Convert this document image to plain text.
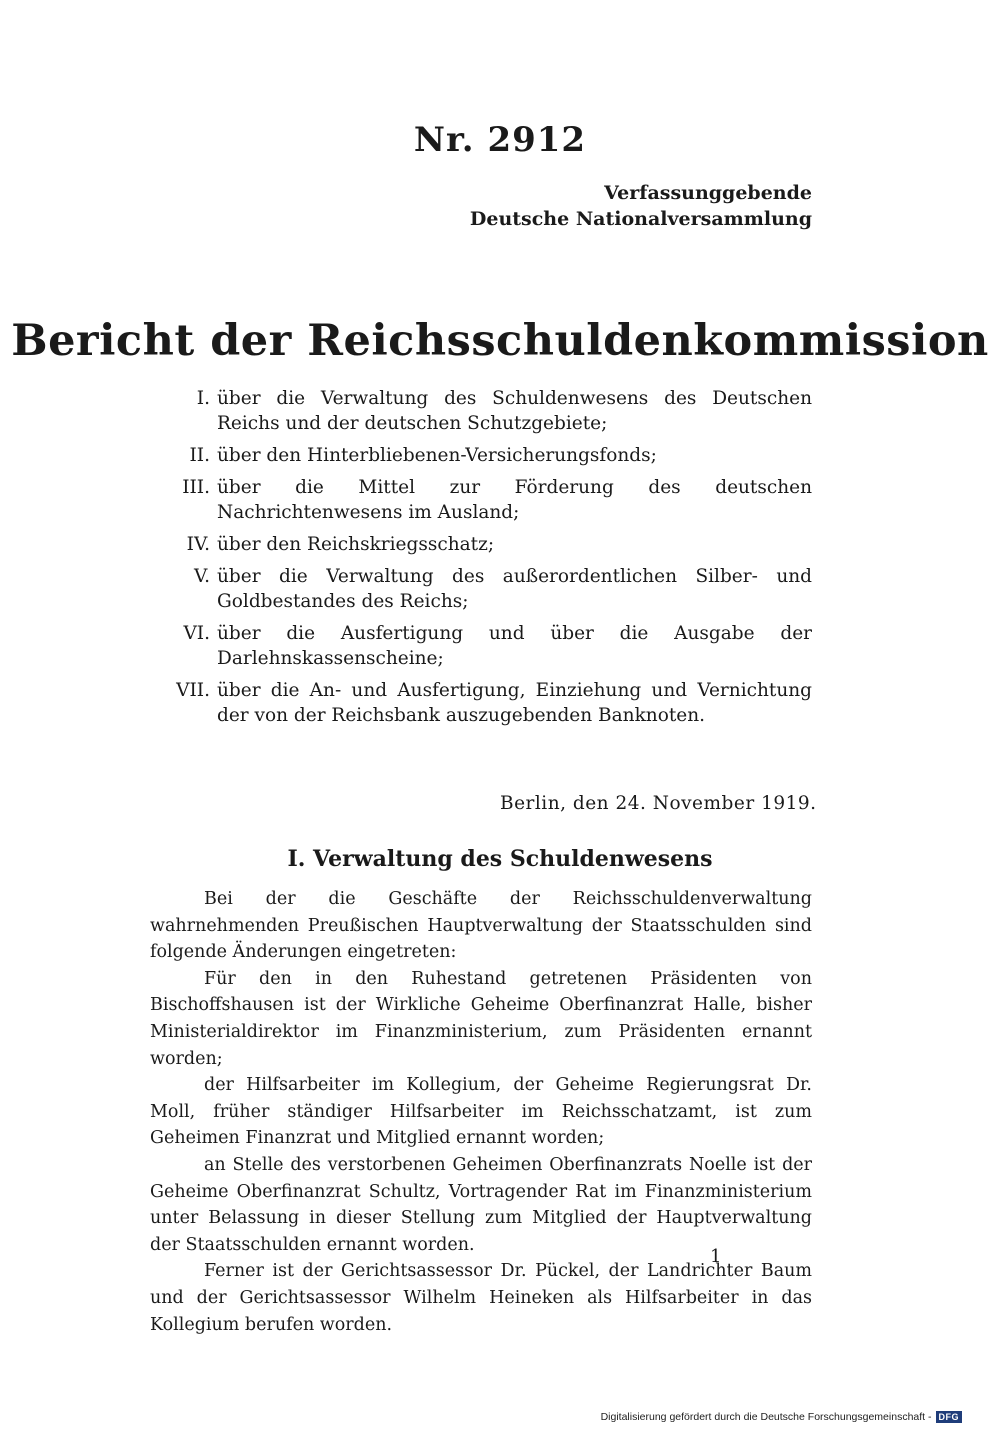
Nr. 2912
Verfassunggebende
Deutsche Nationalversammlung
Bericht der Reichsschuldenkommission
I. über die Verwaltung des Schuldenwesens des Deutschen Reichs und der deutschen Schutzgebiete;
II. über den Hinterbliebenen-Versicherungsfonds;
III. über die Mittel zur Förderung des deutschen Nachrichtenwesens im Ausland;
IV. über den Reichskriegsschatz;
V. über die Verwaltung des außerordentlichen Silber- und Goldbestandes des Reichs;
VI. über die Ausfertigung und über die Ausgabe der Darlehnskassenscheine;
VII. über die An- und Ausfertigung, Einziehung und Vernichtung der von der Reichsbank auszugebenden Banknoten.
Berlin, den 24. November 1919.
I. Verwaltung des Schuldenwesens

Bei der die Geschäfte der Reichsschuldenverwaltung wahrnehmenden Preußischen Hauptverwaltung der Staatsschulden sind folgende Änderungen eingetreten:

Für den in den Ruhestand getretenen Präsidenten von Bischoffshausen ist der Wirkliche Geheime Oberfinanzrat Halle, bisher Ministerialdirektor im Finanzministerium, zum Präsidenten ernannt worden;

der Hilfsarbeiter im Kollegium, der Geheime Regierungsrat Dr. Moll, früher ständiger Hilfsarbeiter im Reichsschatzamt, ist zum Geheimen Finanzrat und Mitglied ernannt worden;

an Stelle des verstorbenen Geheimen Oberfinanzrats Noelle ist der Geheime Oberfinanzrat Schultz, Vortragender Rat im Finanzministerium unter Belassung in dieser Stellung zum Mitglied der Hauptverwaltung der Staatsschulden ernannt worden.

Ferner ist der Gerichtsassessor Dr. Pückel, der Landrichter Baum und der Gerichtsassessor Wilhelm Heineken als Hilfsarbeiter in das Kollegium berufen worden.

1
Digitalisierung gefördert durch die Deutsche Forschungsgemeinschaft - DFG
